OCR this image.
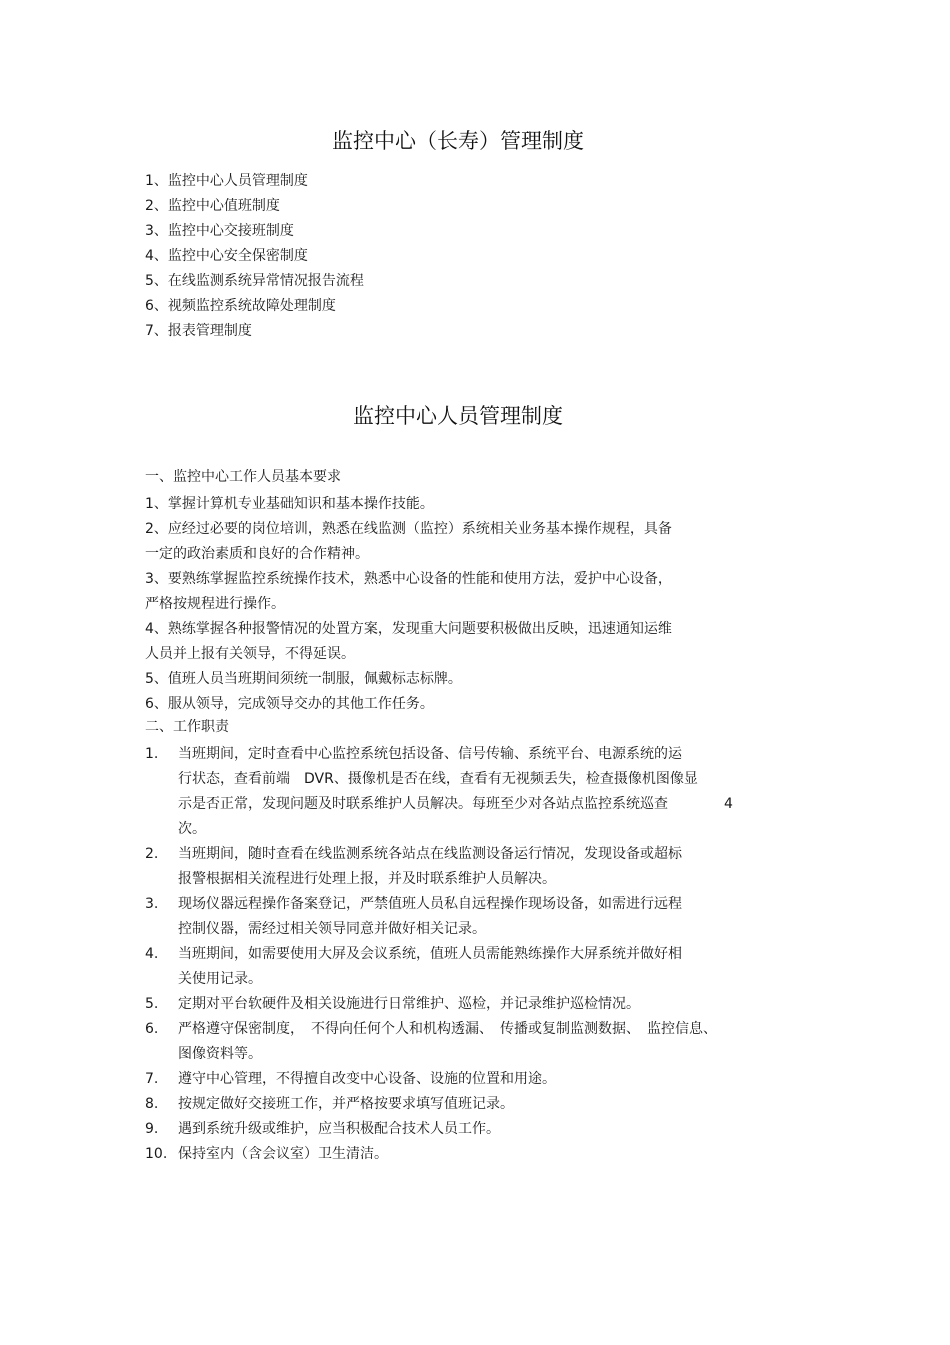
监控中心（长寿）管理制度
1、监控中心人员管理制度
2、监控中心值班制度
3、监控中心交接班制度
4、监控中心安全保密制度
5、在线监测系统异常情况报告流程
6、视频监控系统故障处理制度
7、报表管理制度
监控中心人员管理制度
一、监控中心工作人员基本要求
1、掌握计算机专业基础知识和基本操作技能。
2、应经过必要的岗位培训，熟悉在线监测（监控）系统相关业务基本操作规程，具备
一定的政治素质和良好的合作精神。
3、要熟练掌握监控系统操作技术，熟悉中心设备的性能和使用方法，爱护中心设备，
严格按规程进行操作。
4、熟练掌握各种报警情况的处置方案，发现重大问题要积极做出反映，迅速通知运维
人员并上报有关领导，不得延误。
5、值班人员当班期间须统一制服，佩戴标志标牌。
6、服从领导，完成领导交办的其他工作任务。
二、工作职责
1. 当班期间，定时查看中心监控系统包括设备、信号传输、系统平台、电源系统的运
行状态，查看前端　DVR、摄像机是否在线，查看有无视频丢失，检查摄像机图像显
示是否正常，发现问题及时联系维护人员解决。每班至少对各站点监控系统巡查　　　　4
次。
2. 当班期间，随时查看在线监测系统各站点在线监测设备运行情况，发现设备或超标
报警根据相关流程进行处理上报，并及时联系维护人员解决。
3. 现场仪器远程操作备案登记，严禁值班人员私自远程操作现场设备，如需进行远程
控制仪器，需经过相关领导同意并做好相关记录。
4. 当班期间，如需要使用大屏及会议系统，值班人员需能熟练操作大屏系统并做好相
关使用记录。
5. 定期对平台软硬件及相关设施进行日常维护、巡检，并记录维护巡检情况。
6. 严格遵守保密制度，　不得向任何个人和机构透漏、　传播或复制监测数据、　监控信息、
图像资料等。
7. 遵守中心管理，不得擅自改变中心设备、设施的位置和用途。
8. 按规定做好交接班工作，并严格按要求填写值班记录。
9. 遇到系统升级或维护，应当积极配合技术人员工作。
10. 保持室内（含会议室）卫生清洁。
